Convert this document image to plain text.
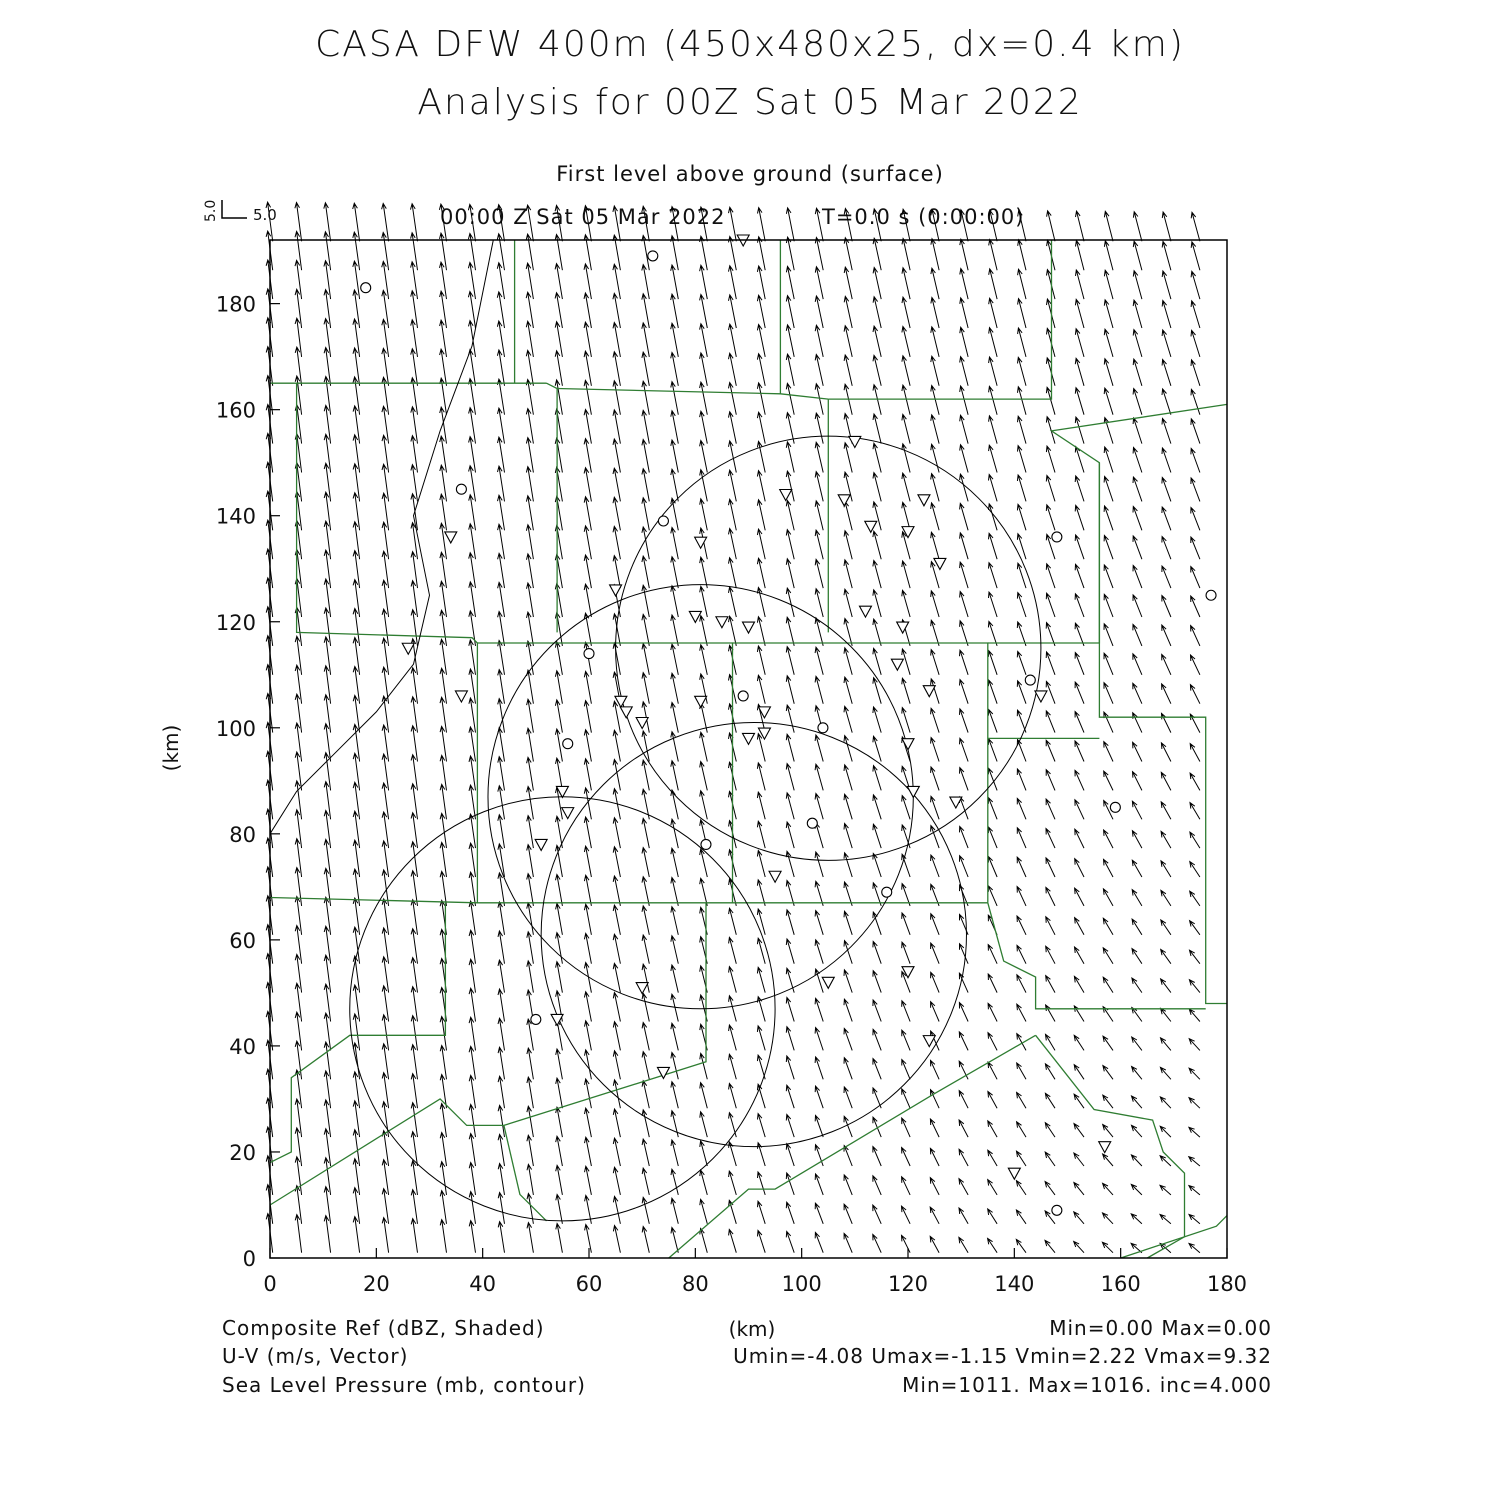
CASA DFW 400m (450x480x25, dx=0.4 km)
Analysis for 00Z Sat 05 Mar 2022
First level above ground (surface)
00:00 Z Sat 05 Mar 2022	T=0.0 s (0:00:00)
0	20	40	60	80	100	120	140	160	180
0
20
40
60
80
100
120
140
160
180
(km)
(km)
5.0 5.0
Composite Ref (dBZ, Shaded)	Min=0.00 Max=0.00
U-V (m/s, Vector)	Umin=-4.08 Umax=-1.15 Vmin=2.22 Vmax=9.32
Sea Level Pressure (mb, contour)	Min=1011. Max=1016. inc=4.000
